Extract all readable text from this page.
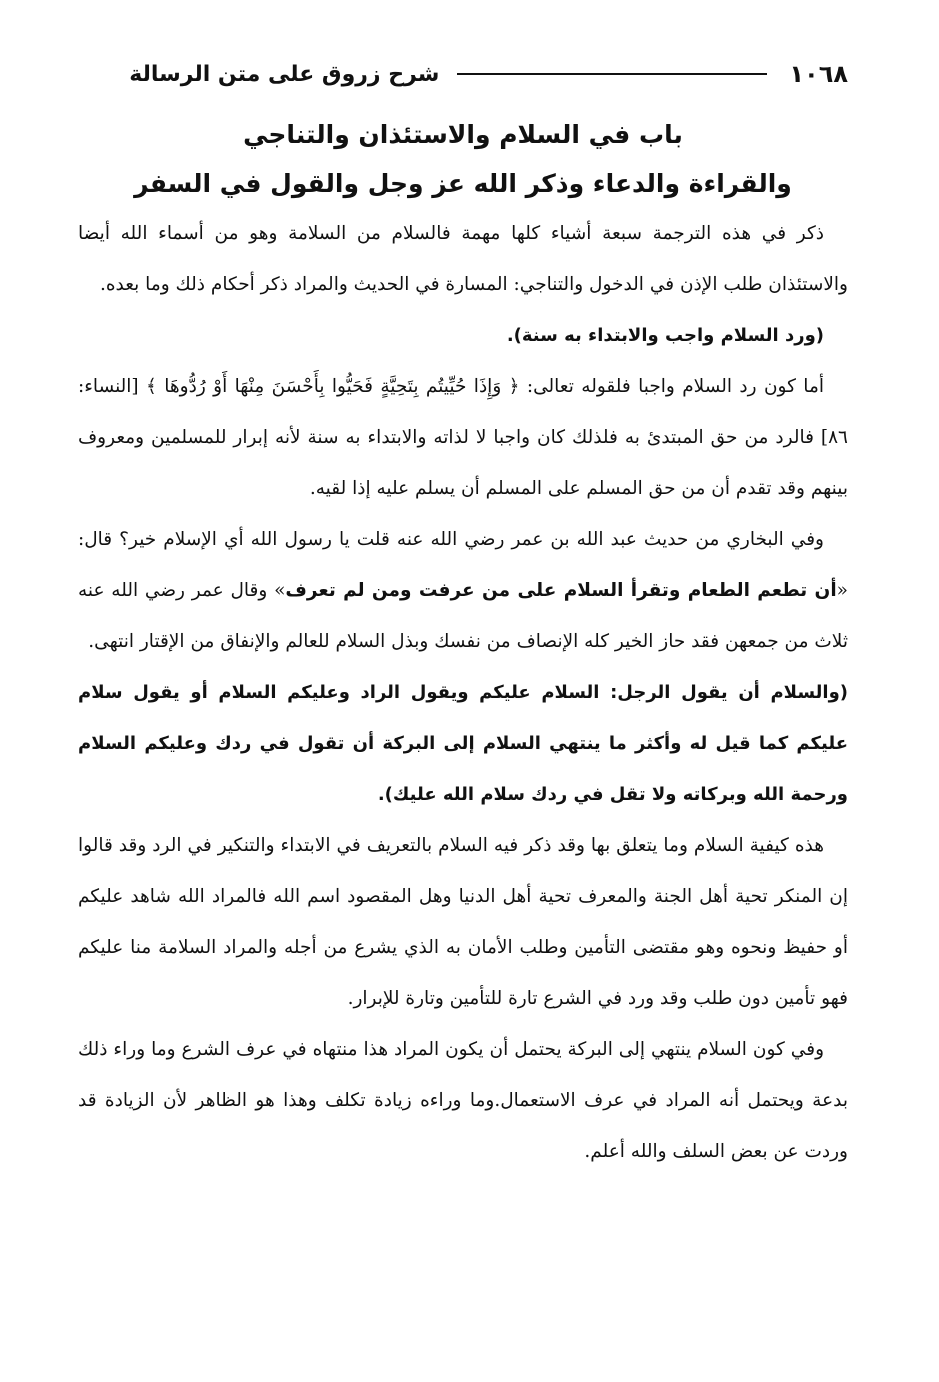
١٠٦٨
شرح زروق على متن الرسالة
باب في السلام والاستئذان والتناجي
والقراءة والدعاء وذكر الله عز وجل والقول في السفر

ذكر في هذه الترجمة سبعة أشياء كلها مهمة فالسلام من السلامة وهو من أسماء الله أيضا والاستئذان طلب الإذن في الدخول والتناجي: المسارة في الحديث والمراد ذكر أحكام ذلك وما بعده.

(ورد السلام واجب والابتداء به سنة).

أما كون رد السلام واجبا فلقوله تعالى: ﴿ وَإِذَا حُيِّيتُم بِتَحِيَّةٍ فَحَيُّوا بِأَحْسَنَ مِنْهَا أَوْ رُدُّوهَا ﴾ [النساء: ٨٦] فالرد من حق المبتدئ به فلذلك كان واجبا لا لذاته والابتداء به سنة لأنه إبرار للمسلمين ومعروف بينهم وقد تقدم أن من حق المسلم على المسلم أن يسلم عليه إذا لقيه.

وفي البخاري من حديث عبد الله بن عمر رضي الله عنه قلت يا رسول الله أي الإسلام خير؟ قال: «أن تطعم الطعام وتقرأ السلام على من عرفت ومن لم تعرف» وقال عمر رضي الله عنه ثلاث من جمعهن فقد حاز الخير كله الإنصاف من نفسك وبذل السلام للعالم والإنفاق من الإقتار انتهى.

(والسلام أن يقول الرجل: السلام عليكم ويقول الراد وعليكم السلام أو يقول سلام عليكم كما قيل له وأكثر ما ينتهي السلام إلى البركة أن تقول في ردك وعليكم السلام ورحمة الله وبركاته ولا تقل في ردك سلام الله عليك).

هذه كيفية السلام وما يتعلق بها وقد ذكر فيه السلام بالتعريف في الابتداء والتنكير في الرد وقد قالوا إن المنكر تحية أهل الجنة والمعرف تحية أهل الدنيا وهل المقصود اسم الله فالمراد الله شاهد عليكم أو حفيظ ونحوه وهو مقتضى التأمين وطلب الأمان به الذي يشرع من أجله والمراد السلامة منا عليكم فهو تأمين دون طلب وقد ورد في الشرع تارة للتأمين وتارة للإبرار.

وفي كون السلام ينتهي إلى البركة يحتمل أن يكون المراد هذا منتهاه في عرف الشرع وما وراء ذلك بدعة ويحتمل أنه المراد في عرف الاستعمال.وما وراءه زيادة تكلف وهذا هو الظاهر لأن الزيادة قد وردت عن بعض السلف والله أعلم.
